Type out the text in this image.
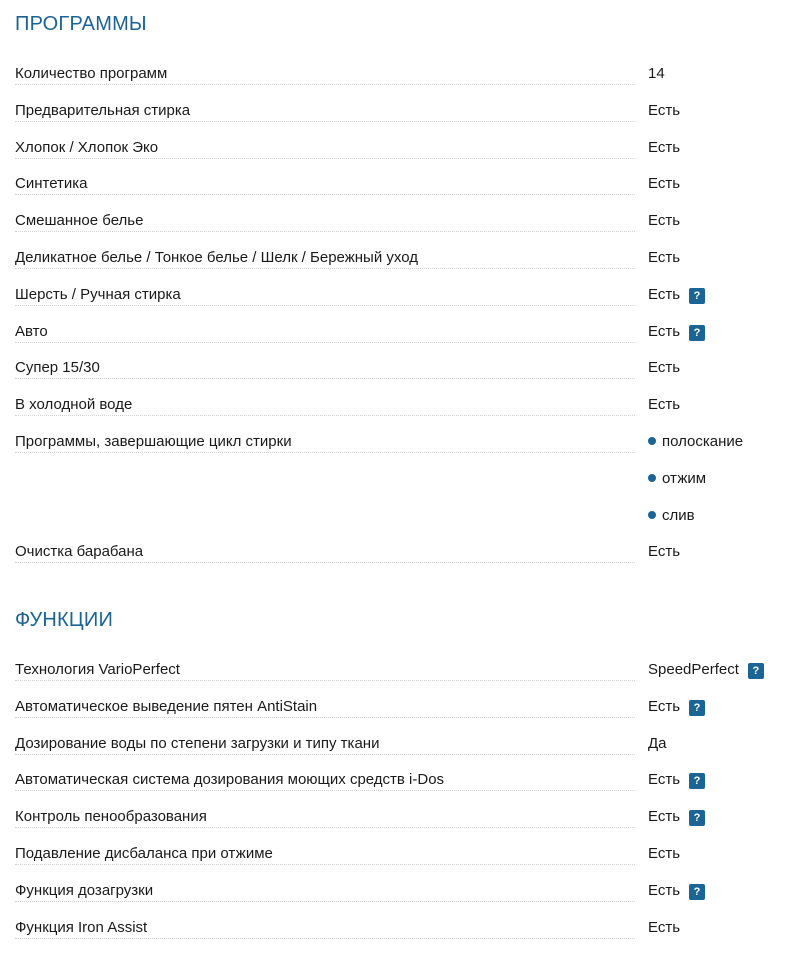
ПРОГРАММЫ
Количество программ	14
Предварительная стирка	Есть
Хлопок / Хлопок Эко	Есть
Синтетика	Есть
Смешанное белье	Есть
Деликатное белье / Тонкое белье / Шелк / Бережный уход	Есть
Шерсть / Ручная стирка	Есть ?
Авто	Есть ?
Супер 15/30	Есть
В холодной воде	Есть
Программы, завершающие цикл стирки	полоскание
отжим
слив
Очистка барабана	Есть
ФУНКЦИИ
Технология VarioPerfect	SpeedPerfect ?
Автоматическое выведение пятен AntiStain	Есть ?
Дозирование воды по степени загрузки и типу ткани	Да
Автоматическая система дозирования моющих средств i-Dos	Есть ?
Контроль пенообразования	Есть ?
Подавление дисбаланса при отжиме	Есть
Функция дозагрузки	Есть ?
Функция Iron Assist	Есть
